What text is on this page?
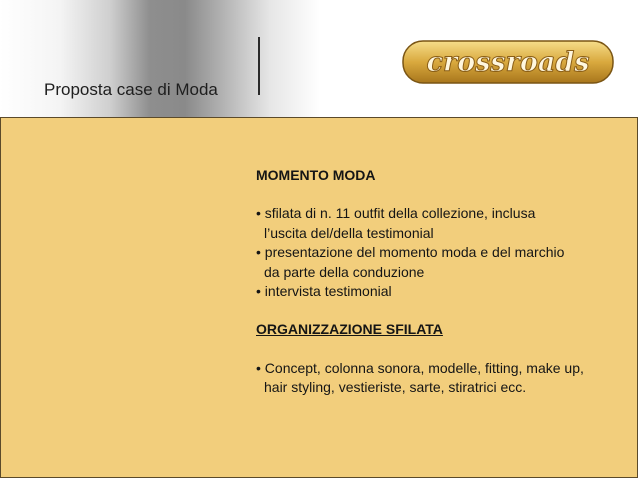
Proposta case di Moda
crossroads

MOMENTO MODA

• sfilata di n. 11 outfit della collezione, inclusa

l’uscita del/della testimonial

• presentazione del momento moda e del marchio

da parte della conduzione

• intervista testimonial

ORGANIZZAZIONE SFILATA

• Concept, colonna sonora, modelle, fitting, make up,

hair styling, vestieriste, sarte, stiratrici ecc.
